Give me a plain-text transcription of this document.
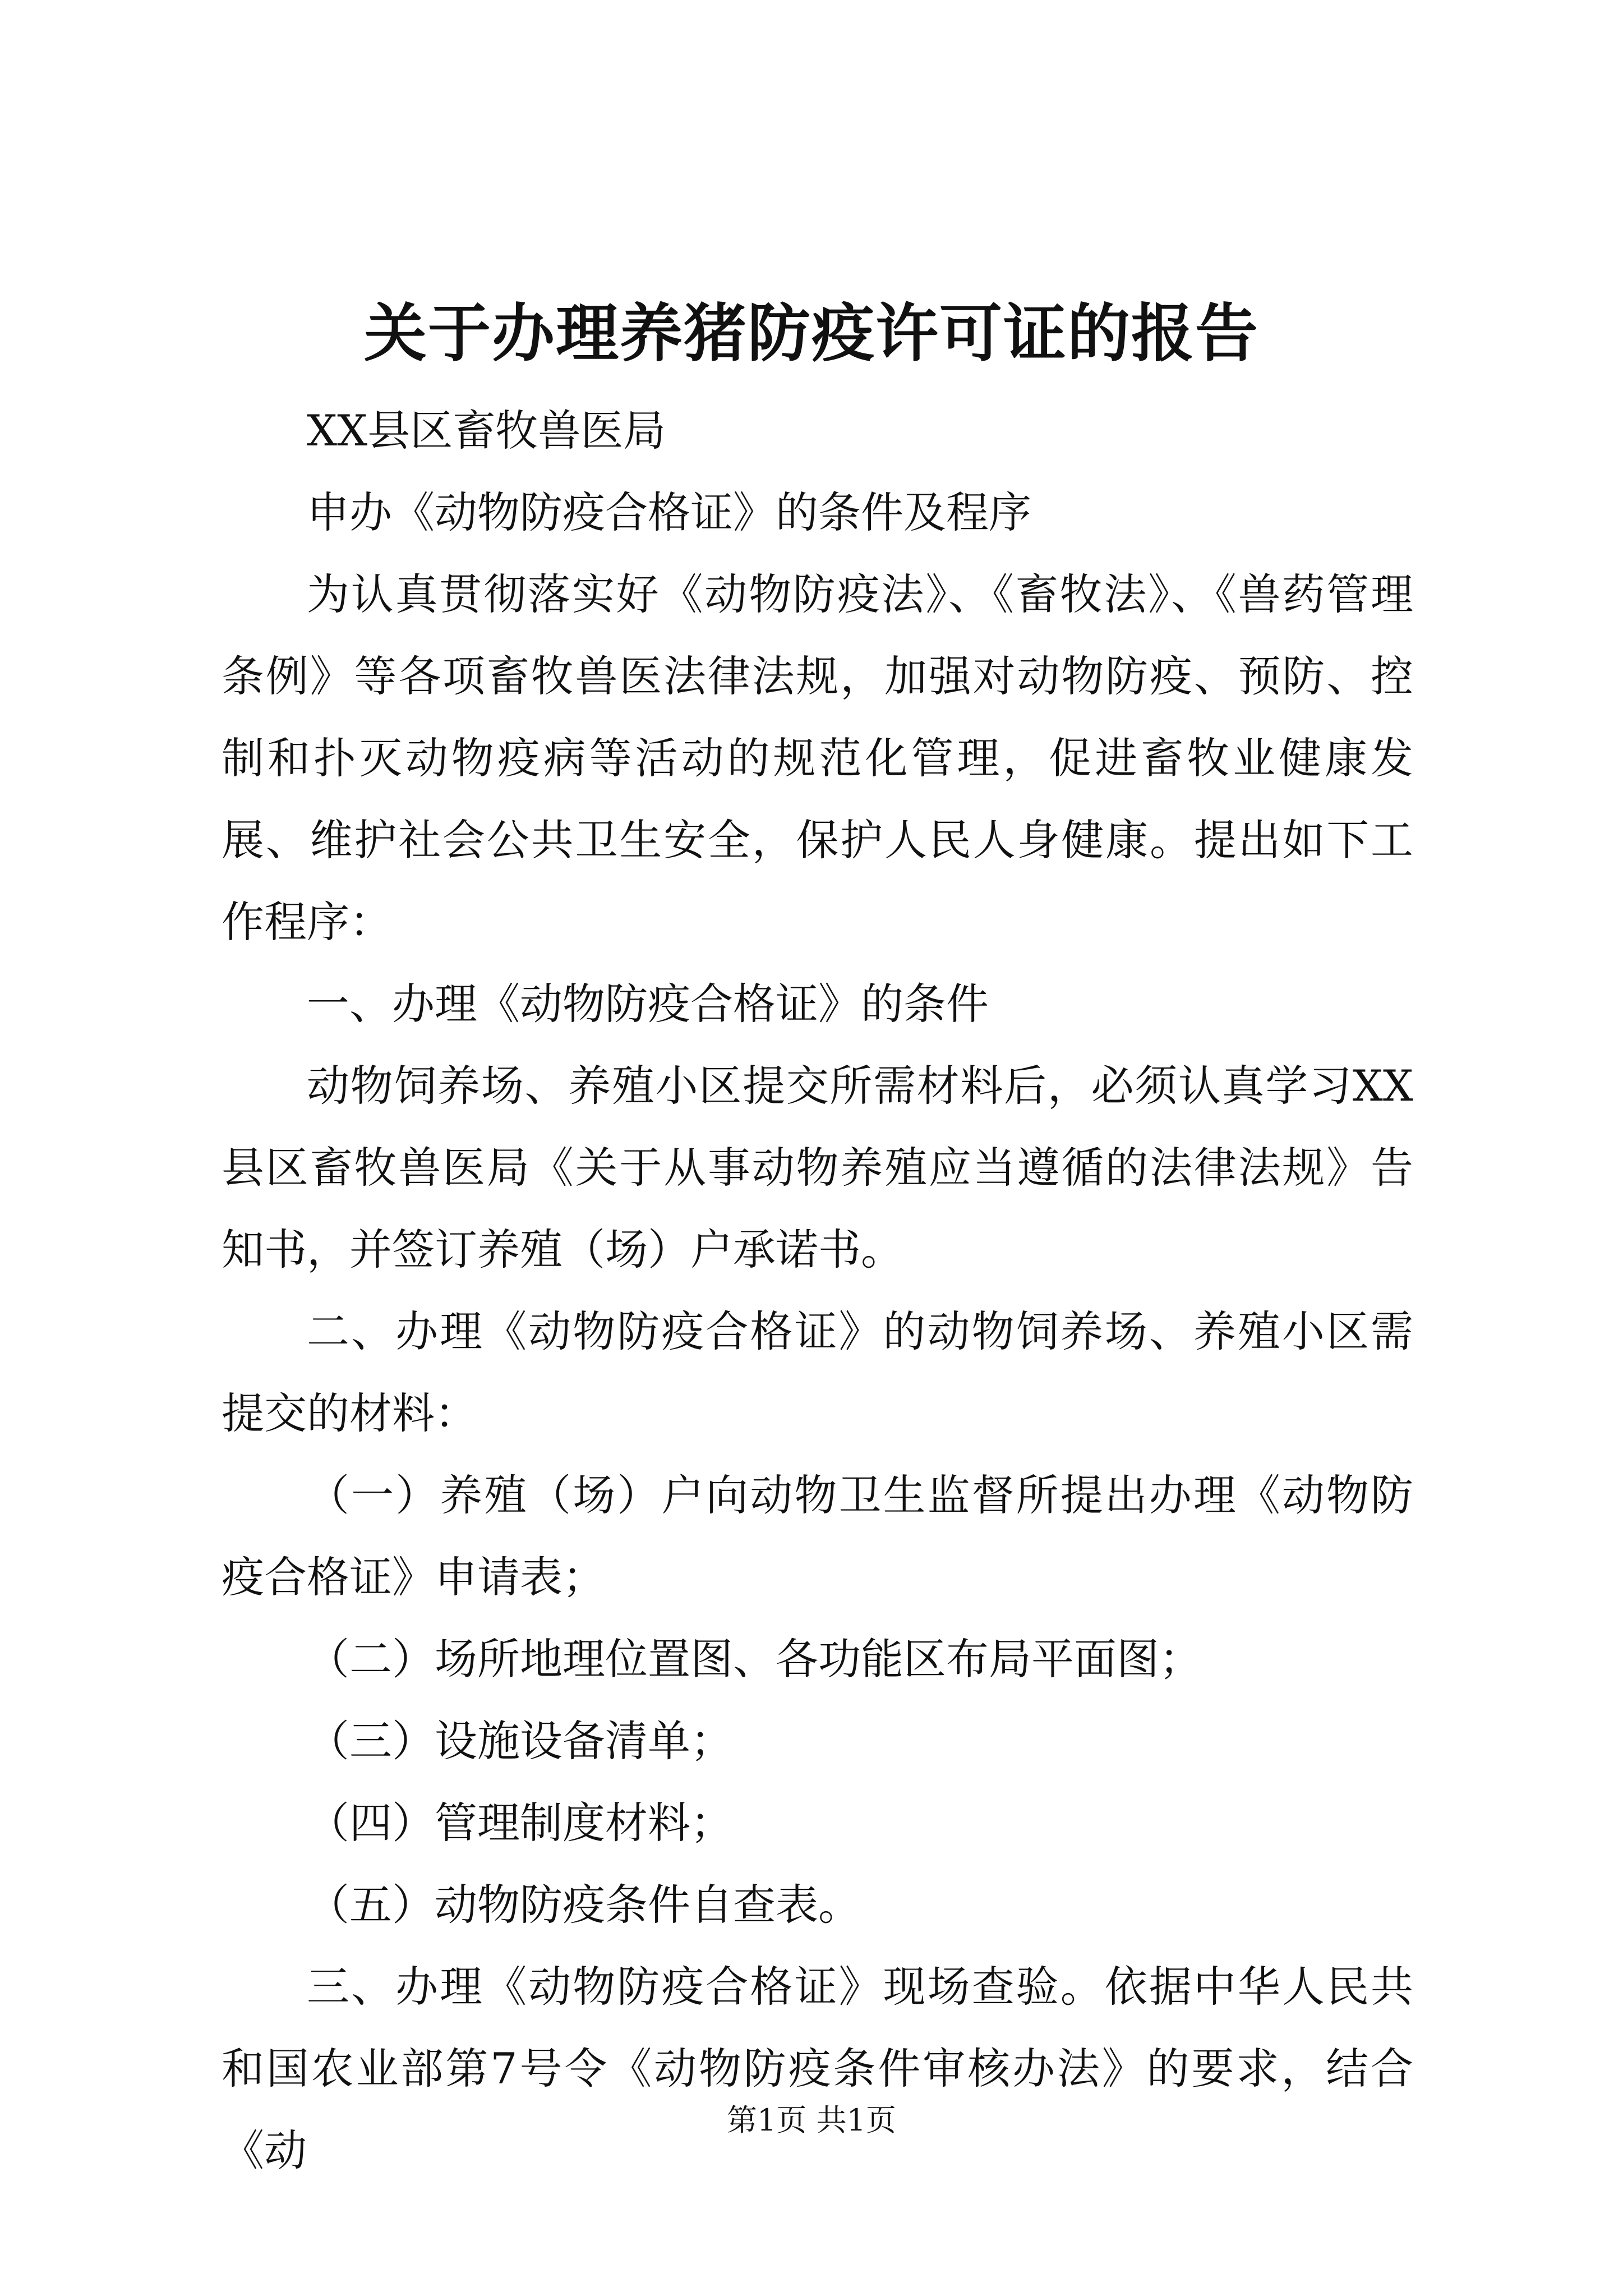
关于办理养猪防疫许可证的报告

XX县区畜牧兽医局

申办《动物防疫合格证》的条件及程序

为认真贯彻落实好《动物防疫法》、《畜牧法》、《兽药管理条例》等各项畜牧兽医法律法规，加强对动物防疫、预防、控制和扑灭动物疫病等活动的规范化管理，促进畜牧业健康发展、维护社会公共卫生安全，保护人民人身健康。提出如下工作程序：

一、办理《动物防疫合格证》的条件

动物饲养场、养殖小区提交所需材料后，必须认真学习XX县区畜牧兽医局《关于从事动物养殖应当遵循的法律法规》告知书，并签订养殖（场）户承诺书。

二、办理《动物防疫合格证》的动物饲养场、养殖小区需提交的材料：

（一）养殖（场）户向动物卫生监督所提出办理《动物防疫合格证》申请表；

（二）场所地理位置图、各功能区布局平面图；

（三）设施设备清单；

（四）管理制度材料；

（五）动物防疫条件自查表。

三、办理《动物防疫合格证》现场查验。依据中华人民共和国农业部第7号令《动物防疫条件审核办法》的要求，结合《动

第1页 共1页
